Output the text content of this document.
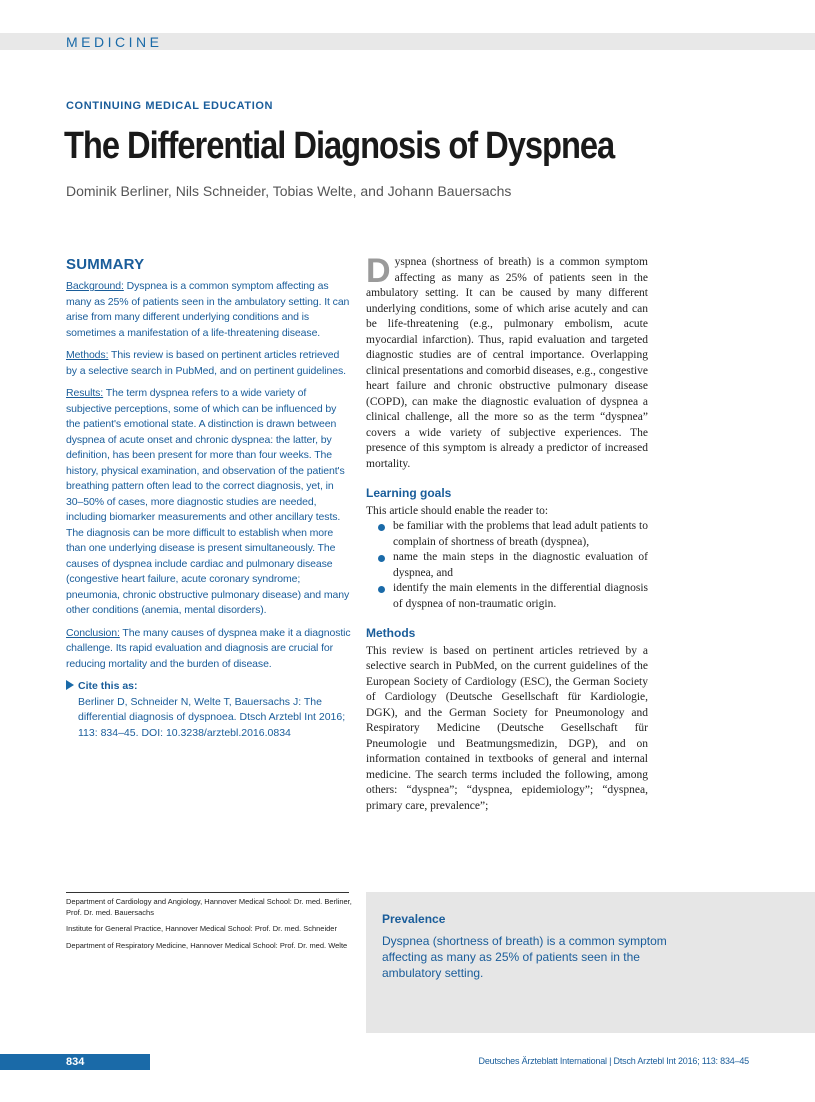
MEDICINE
CONTINUING MEDICAL EDUCATION
The Differential Diagnosis of Dyspnea
Dominik Berliner, Nils Schneider, Tobias Welte, and Johann Bauersachs
SUMMARY

Background: Dyspnea is a common symptom affecting as many as 25% of patients seen in the ambulatory setting. It can arise from many different underlying conditions and is sometimes a manifestation of a life-threatening disease.

Methods: This review is based on pertinent articles retrieved by a selective search in PubMed, and on pertinent guidelines.

Results: The term dyspnea refers to a wide variety of subjective perceptions, some of which can be influenced by the patient's emotional state. A distinction is drawn between dyspnea of acute onset and chronic dyspnea: the latter, by definition, has been present for more than four weeks. The history, physical examination, and observation of the patient's breathing pattern often lead to the correct diagnosis, yet, in 30–50% of cases, more diagnostic studies are needed, including biomarker measurements and other ancillary tests. The diagnosis can be more difficult to establish when more than one underlying disease is present simultaneously. The causes of dyspnea include cardiac and pulmonary disease (congestive heart failure, acute coronary syndrome; pneumonia, chronic obstructive pulmonary disease) and many other conditions (anemia, mental disorders).

Conclusion: The many causes of dyspnea make it a diagnostic challenge. Its rapid evaluation and diagnosis are crucial for reducing mortality and the burden of disease.

Cite this as:
Berliner D, Schneider N, Welte T, Bauersachs J: The differential diagnosis of dyspnoea. Dtsch Arztebl Int 2016; 113: 834–45. DOI: 10.3238/arztebl.2016.0834

Dyspnea (shortness of breath) is a common symptom affecting as many as 25% of patients seen in the ambulatory setting. It can be caused by many different underlying conditions, some of which arise acutely and can be life-threatening (e.g., pulmonary embolism, acute myocardial infarction). Thus, rapid evaluation and targeted diagnostic studies are of central importance. Overlapping clinical presentations and comorbid diseases, e.g., congestive heart failure and chronic obstructive pulmonary disease (COPD), can make the diagnostic evaluation of dyspnea a clinical challenge, all the more so as the term “dyspnea” covers a wide variety of subjective experiences. The presence of this symptom is already a predictor of increased mortality.

Learning goals

This article should enable the reader to:

be familiar with the problems that lead adult patients to complain of shortness of breath (dyspnea),
name the main steps in the diagnostic evaluation of dyspnea, and
identify the main elements in the differential diagnosis of dyspnea of non-traumatic origin.
Methods

This review is based on pertinent articles retrieved by a selective search in PubMed, on the current guidelines of the European Society of Cardiology (ESC), the German Society of Cardiology (Deutsche Gesellschaft für Kardiologie, DGK), and the German Society for Pneumonology and Respiratory Medicine (Deutsche Gesellschaft für Pneumologie und Beatmungsmedizin, DGP), and on information contained in textbooks of general and internal medicine. The search terms included the following, among others: “dyspnea”; “dyspnea, epidemiology”; “dyspnea, primary care, prevalence”;

Department of Cardiology and Angiology, Hannover Medical School: Dr. med. Berliner, Prof. Dr. med. Bauersachs
Institute for General Practice, Hannover Medical School: Prof. Dr. med. Schneider
Department of Respiratory Medicine, Hannover Medical School: Prof. Dr. med. Welte
Prevalence
Dyspnea (shortness of breath) is a common symptom affecting as many as 25% of patients seen in the ambulatory setting.
834	Deutsches Ärzteblatt International | Dtsch Arztebl Int 2016; 113: 834–45
